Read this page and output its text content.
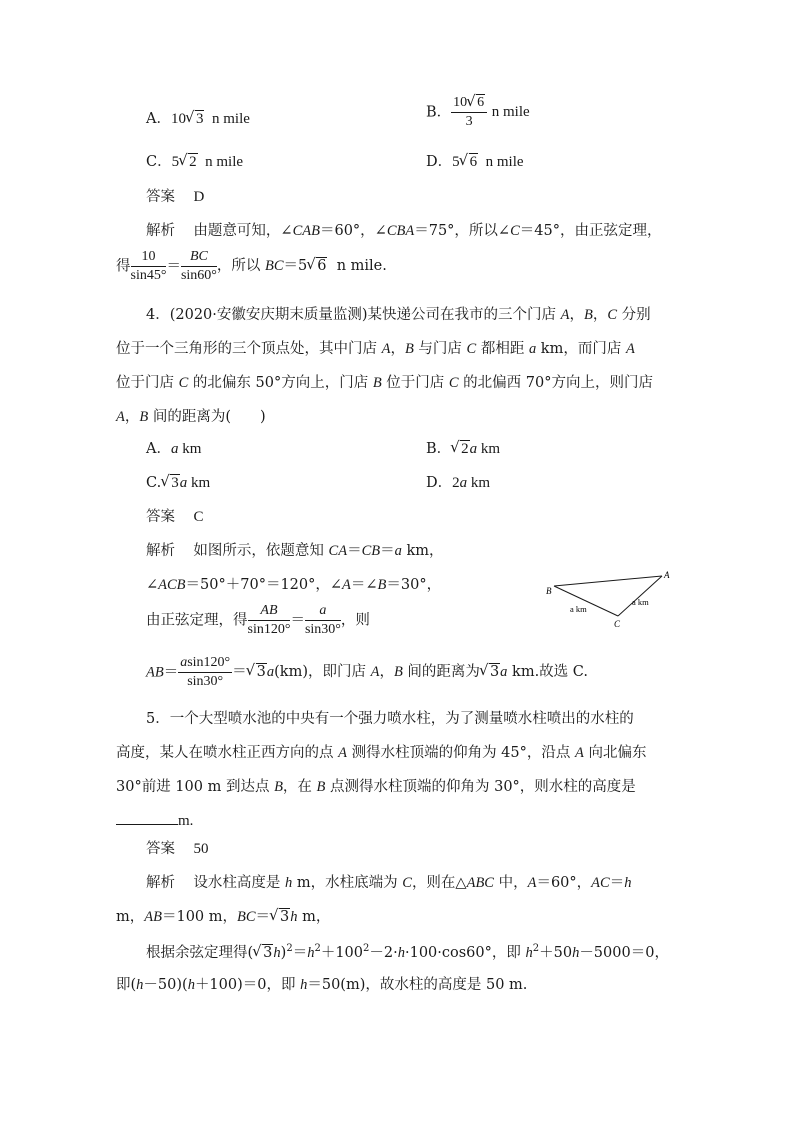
A．10 √ 3  n mile	B． $\frac{10 √ 6}{3}$ n mile
C．5 √ 2  n mile	D．5 √ 6  n mile
答案 D
解析    由题意可知，∠CAB＝60°，∠CBA＝75°，所以∠C＝45°，由正弦定理，
得 $\frac{10}{\sin 45^\circ} = \frac{BC}{\sin 60^\circ}$ ，所以 BC＝5 √ 6  n mile.
4．(2020·安徽安庆期末质量监测)某快递公司在我市的三个门店 A，B，C 分别
位于一个三角形的三个顶点处，其中门店 A，B 与门店 C 都相距 a km，而门店 A
位于门店 C 的北偏东 50°方向上，门店 B 位于门店 C 的北偏西 70°方向上，则门店
A，B 间的距离为(　　)
A．a km	B． √ 2a km
C. √ 3a km	D．2a km
答案 C
解析    如图所示，依题意知 CA＝CB＝a km，
∠ACB＝50°＋70°＝120°，∠A＝∠B＝30°，
由正弦定理，得 $\frac{AB}{\sin 120^\circ} = \frac{a}{\sin 30^\circ}$ ，则
$AB= \frac{asin120^\circ}{\sin 30^\circ}$ ＝ √ 3a(km)，即门店 A，B 间的距离为 √ 3a km.故选 C.
A
B
C
a km
a km
5．一个大型喷水池的中央有一个强力喷水柱，为了测量喷水柱喷出的水柱的
高度，某人在喷水柱正西方向的点 A 测得水柱顶端的仰角为 45°，沿点 A 向北偏东
30°前进 100 m 到达点 B，在 B 点测得水柱顶端的仰角为 30°，则水柱的高度是
m.
答案 50
解析    设水柱高度是 h m，水柱底端为 C，则在△ABC 中，A＝60°，AC＝h
m，AB＝100 m，BC＝ √ 3h m，
根据余弦定理得( √ $3h)^2=h^2+100^2-2\cdot h\cdot 100\cdot\cos 60^\circ$，即 $h^2+50h-5000=0$，
即(h－50)(h＋100)＝0，即 h＝50(m)，故水柱的高度是 50 m.
